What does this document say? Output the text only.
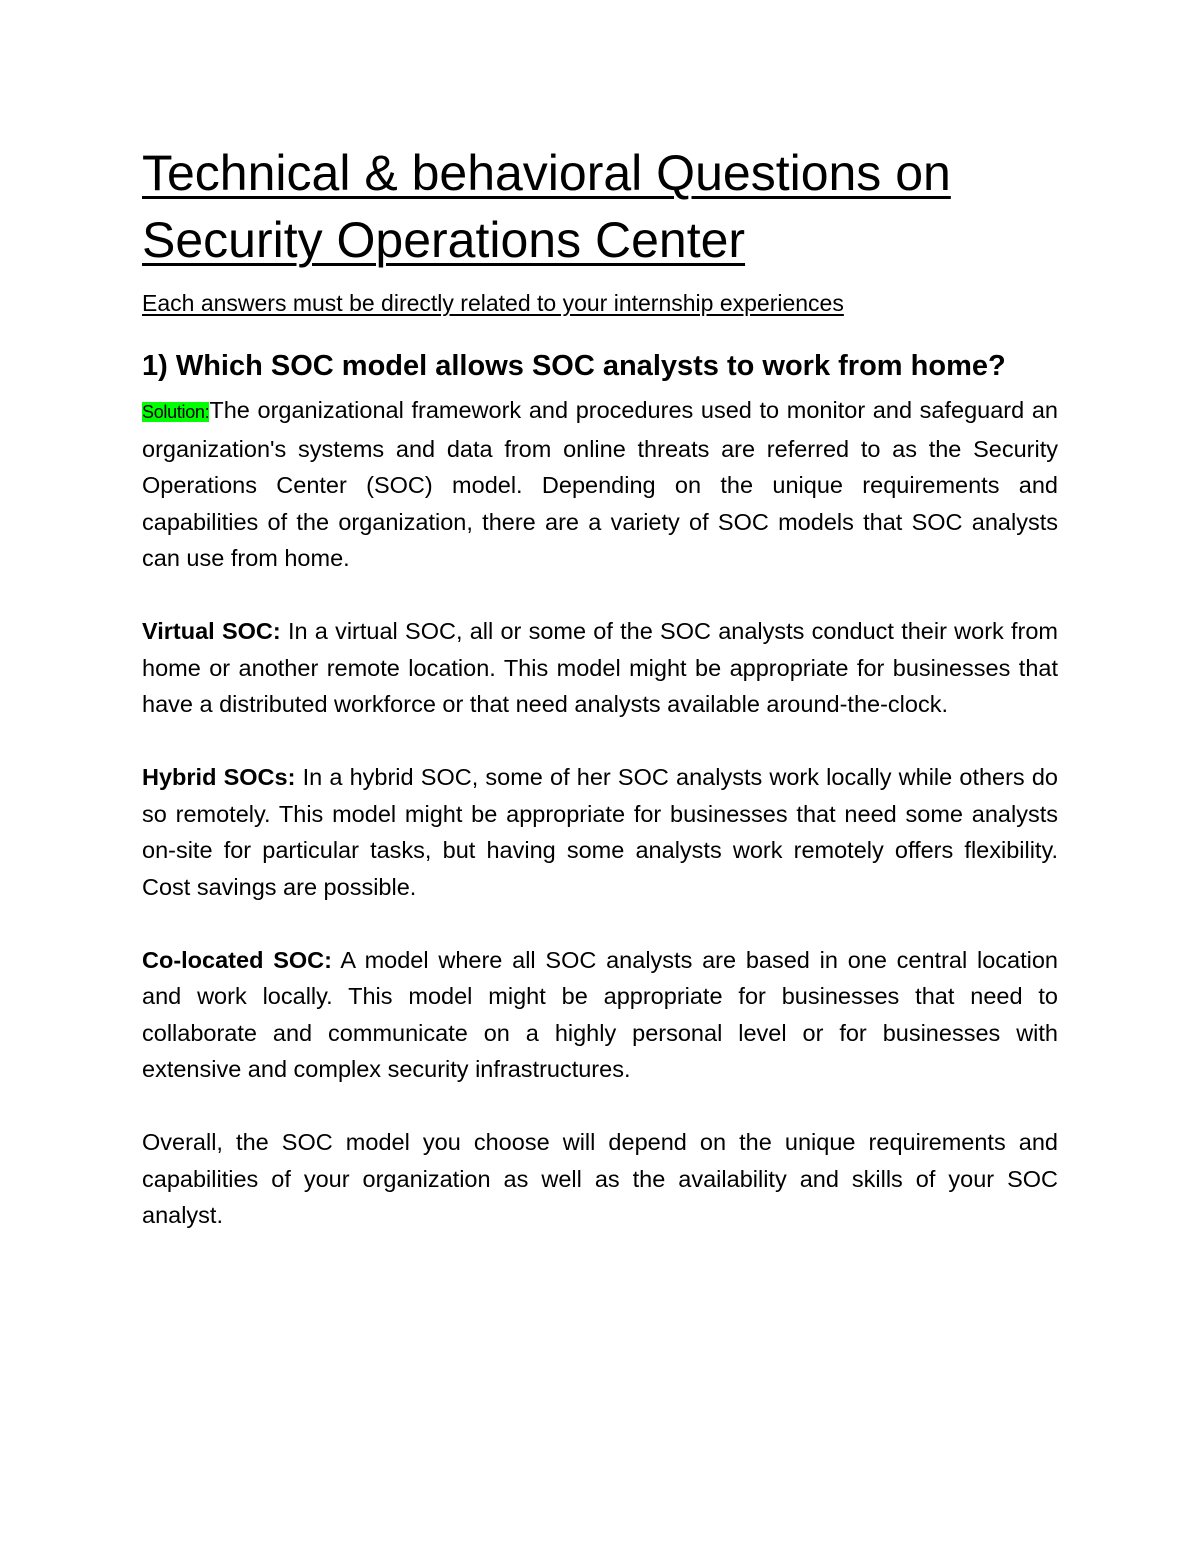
Technical & behavioral Questions on Security Operations Center

Each answers must be directly related to your internship experiences

1) Which SOC model allows SOC analysts to work from home?

Solution:The organizational framework and procedures used to monitor and safeguard an organization's systems and data from online threats are referred to as the Security Operations Center (SOC) model. Depending on the unique requirements and capabilities of the organization, there are a variety of SOC models that SOC analysts can use from home.

Virtual SOC: In a virtual SOC, all or some of the SOC analysts conduct their work from home or another remote location. This model might be appropriate for businesses that have a distributed workforce or that need analysts available around-the-clock.

Hybrid SOCs: In a hybrid SOC, some of her SOC analysts work locally while others do so remotely. This model might be appropriate for businesses that need some analysts on-site for particular tasks, but having some analysts work remotely offers flexibility. Cost savings are possible.

Co-located SOC: A model where all SOC analysts are based in one central location and work locally. This model might be appropriate for businesses that need to collaborate and communicate on a highly personal level or for businesses with extensive and complex security infrastructures.

Overall, the SOC model you choose will depend on the unique requirements and capabilities of your organization as well as the availability and skills of your SOC analyst.
